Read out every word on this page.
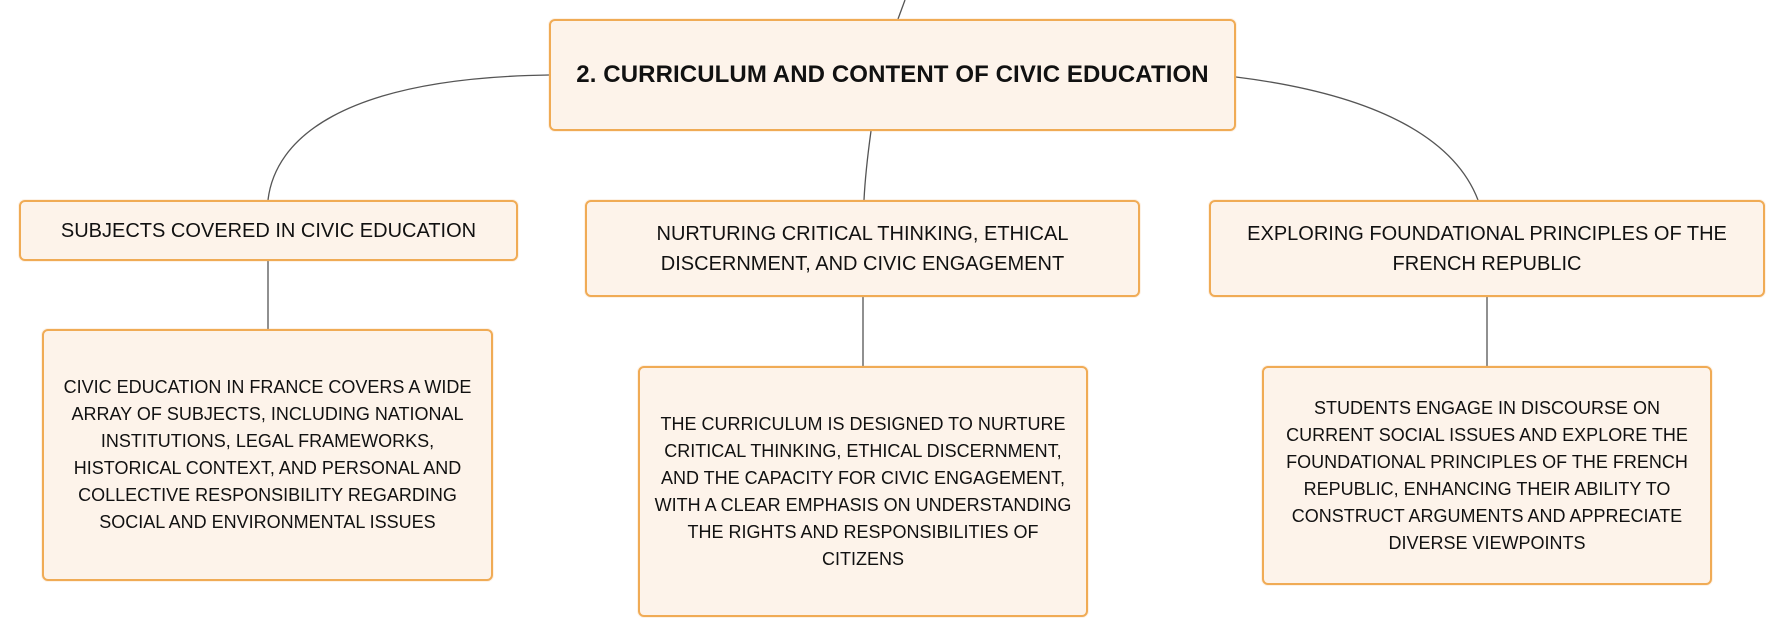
2. CURRICULUM AND CONTENT OF CIVIC EDUCATION
SUBJECTS COVERED IN CIVIC EDUCATION	NURTURING CRITICAL THINKING, ETHICAL DISCERNMENT, AND CIVIC ENGAGEMENT
EXPLORING FOUNDATIONAL PRINCIPLES OF THE FRENCH REPUBLIC
CIVIC EDUCATION IN FRANCE COVERS A WIDE ARRAY OF SUBJECTS, INCLUDING NATIONAL INSTITUTIONS, LEGAL FRAMEWORKS, HISTORICAL CONTEXT, AND PERSONAL AND COLLECTIVE RESPONSIBILITY REGARDING SOCIAL AND ENVIRONMENTAL ISSUES
THE CURRICULUM IS DESIGNED TO NURTURE CRITICAL THINKING, ETHICAL DISCERNMENT, AND THE CAPACITY FOR CIVIC ENGAGEMENT, WITH A CLEAR EMPHASIS ON UNDERSTANDING THE RIGHTS AND RESPONSIBILITIES OF CITIZENS
STUDENTS ENGAGE IN DISCOURSE ON CURRENT SOCIAL ISSUES AND EXPLORE THE FOUNDATIONAL PRINCIPLES OF THE FRENCH REPUBLIC, ENHANCING THEIR ABILITY TO CONSTRUCT ARGUMENTS AND APPRECIATE DIVERSE VIEWPOINTS
